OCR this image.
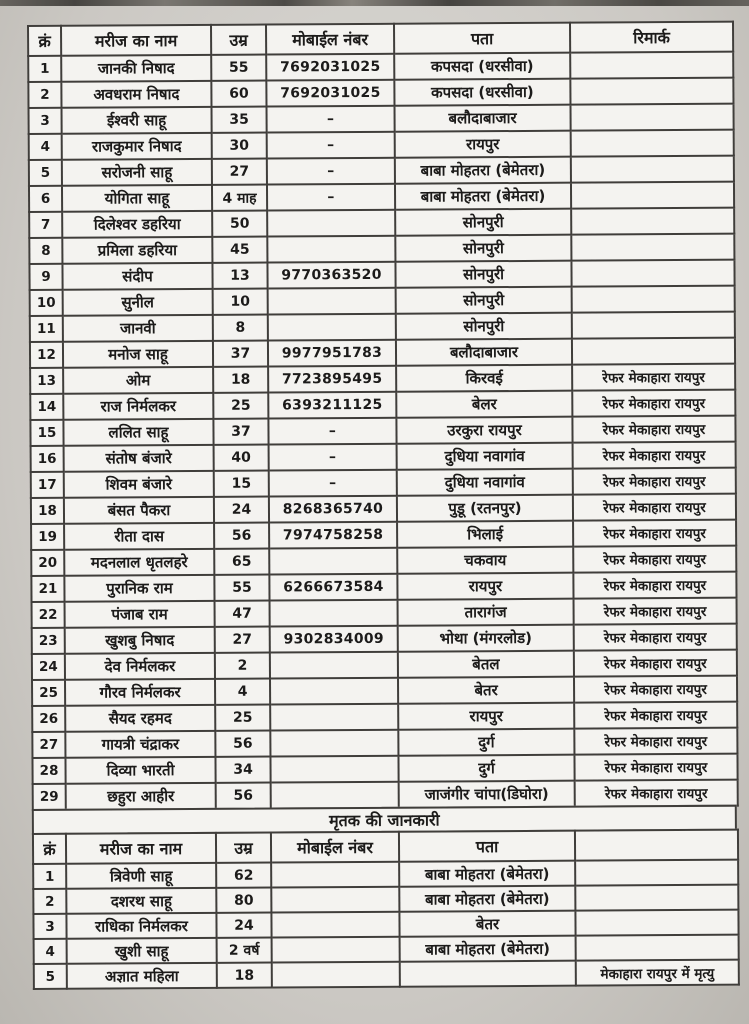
क्रं	मरीज का नाम	उम्र	मोबाईल नंबर	पता	रिमार्क
1	जानकी निषाद	55	7692031025	कपसदा (धरसीवा)	
2	अवधराम निषाद	60	7692031025	कपसदा (धरसीवा)	
3	ईश्वरी साहू	35	–	बलौदाबाजार	
4	राजकुमार निषाद	30	–	रायपुर	
5	सरोजनी साहू	27	–	बाबा मोहतरा (बेमेतरा)	
6	योगिता साहू	4 माह	–	बाबा मोहतरा (बेमेतरा)	
7	दिलेश्वर डहरिया	50		सोनपुरी	
8	प्रमिला डहरिया	45		सोनपुरी	
9	संदीप	13	9770363520	सोनपुरी	
10	सुनील	10		सोनपुरी	
11	जानवी	8		सोनपुरी	
12	मनोज साहू	37	9977951783	बलौदाबाजार	
13	ओम	18	7723895495	किरवई	रेफर मेकाहारा रायपुर
14	राज निर्मलकर	25	6393211125	बेलर	रेफर मेकाहारा रायपुर
15	ललित साहू	37	–	उरकुरा रायपुर	रेफर मेकाहारा रायपुर
16	संतोष बंजारे	40	–	दुधिया नवागांव	रेफर मेकाहारा रायपुर
17	शिवम बंजारे	15	–	दुधिया नवागांव	रेफर मेकाहारा रायपुर
18	बंसत पैकरा	24	8268365740	पुडू (रतनपुर)	रेफर मेकाहारा रायपुर
19	रीता दास	56	7974758258	भिलाई	रेफर मेकाहारा रायपुर
20	मदनलाल धृतलहरे	65		चकवाय	रेफर मेकाहारा रायपुर
21	पुरानिक राम	55	6266673584	रायपुर	रेफर मेकाहारा रायपुर
22	पंजाब राम	47		तारागंज	रेफर मेकाहारा रायपुर
23	खुशबु निषाद	27	9302834009	भोथा (मंगरलोड)	रेफर मेकाहारा रायपुर
24	देव निर्मलकर	2		बेतल	रेफर मेकाहारा रायपुर
25	गौरव निर्मलकर	4		बेतर	रेफर मेकाहारा रायपुर
26	सैयद रहमद	25		रायपुर	रेफर मेकाहारा रायपुर
27	गायत्री चंद्राकर	56		दुर्ग	रेफर मेकाहारा रायपुर
28	दिव्या भारती	34		दुर्ग	रेफर मेकाहारा रायपुर
29	छहुरा आहीर	56		जाजंगीर चांपा(डिघोरा)	रेफर मेकाहारा रायपुर
मृतक की जानकारी
क्रं	मरीज का नाम	उम्र	मोबाईल नंबर	पता	
1	त्रिवेणी साहू	62		बाबा मोहतरा (बेमेतरा)	
2	दशरथ साहू	80		बाबा मोहतरा (बेमेतरा)	
3	राधिका निर्मलकर	24		बेतर	
4	खुशी साहू	2 वर्ष		बाबा मोहतरा (बेमेतरा)	
5	अज्ञात महिला	18			मेकाहारा रायपुर में मृत्यु
